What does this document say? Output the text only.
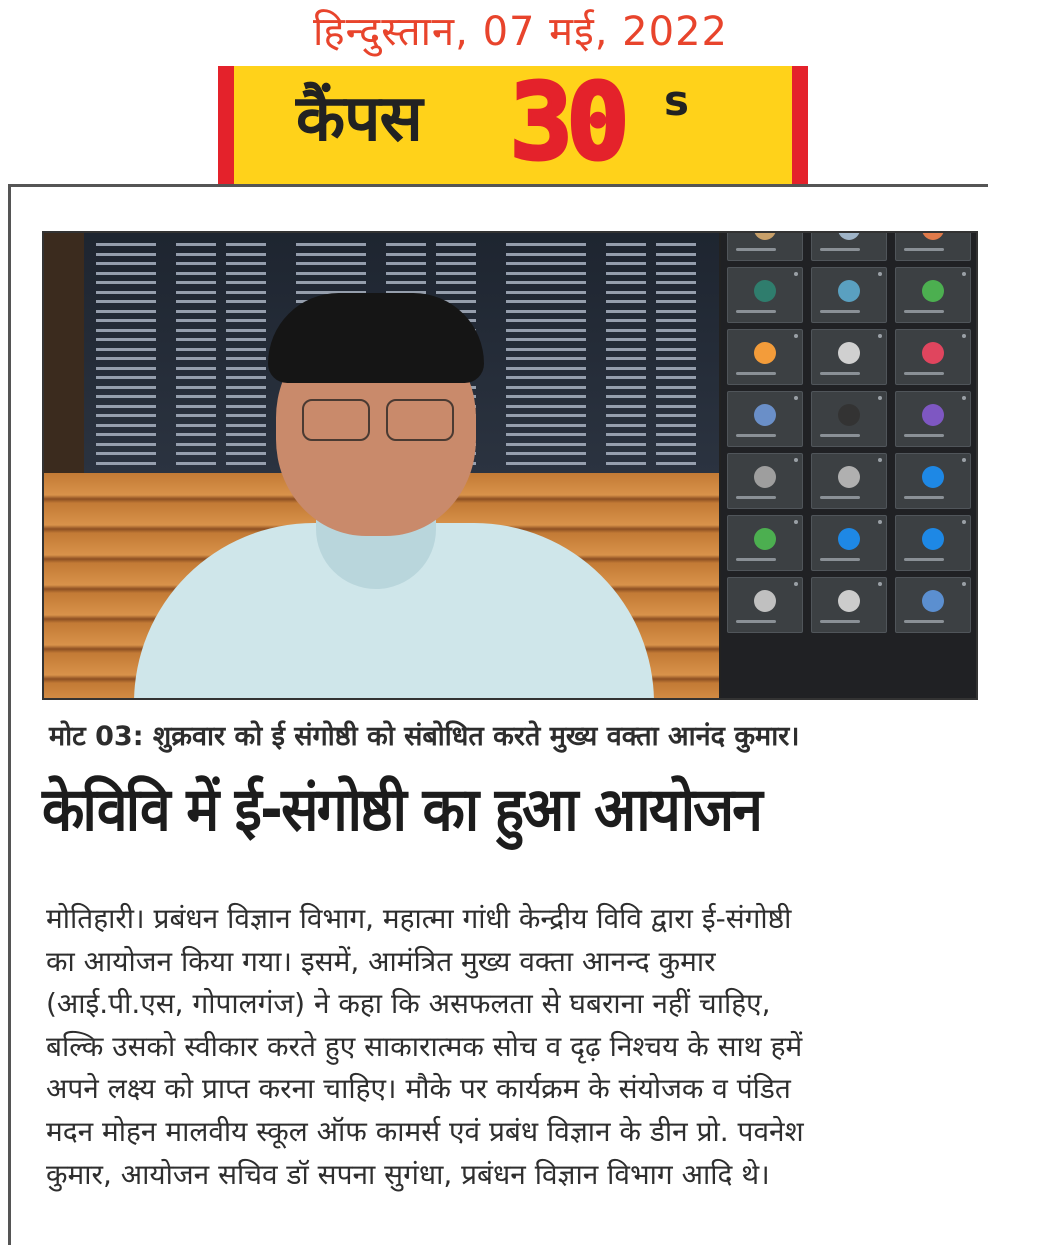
हिन्दुस्तान, 07 मई, 2022
कैंपस 30 s
मोट 03: शुक्रवार को ई संगोष्ठी को संबोधित करते मुख्य वक्ता आनंद कुमार।
केविवि में ई-संगोष्ठी का हुआ आयोजन

मोतिहारी। प्रबंधन विज्ञान विभाग, महात्मा गांधी केन्द्रीय विवि द्वारा ई-संगोष्ठी

का आयोजन किया गया। इसमें, आमंत्रित मुख्य वक्ता आनन्द कुमार

(आई.पी.एस, गोपालगंज) ने कहा कि असफलता से घबराना नहीं चाहिए,

बल्कि उसको स्वीकार करते हुए साकारात्मक सोच व दृढ़ निश्चय के साथ हमें

अपने लक्ष्य को प्राप्त करना चाहिए। मौके पर कार्यक्रम के संयोजक व पंडित

मदन मोहन मालवीय स्कूल ऑफ कामर्स एवं प्रबंध विज्ञान के डीन प्रो. पवनेश

कुमार, आयोजन सचिव डॉ सपना सुगंधा, प्रबंधन विज्ञान विभाग आदि थे।
